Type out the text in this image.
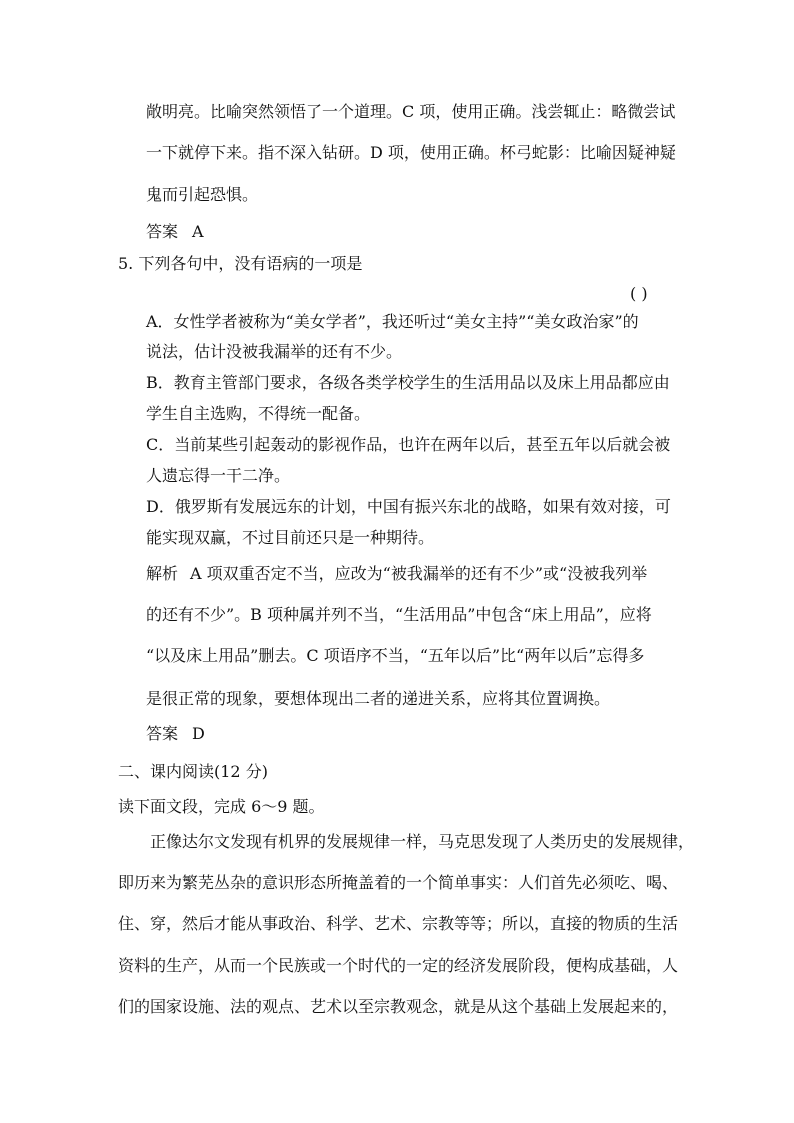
敞明亮。比喻突然领悟了一个道理。C 项，使用正确。浅尝辄止：略微尝试
一下就停下来。指不深入钻研。D 项，使用正确。杯弓蛇影：比喻因疑神疑
鬼而引起恐惧。
答案 A
5. 下列各句中，没有语病的一项是
( )
A．女性学者被称为“美女学者”，我还听过“美女主持”“美女政治家”的
说法，估计没被我漏举的还有不少。
B．教育主管部门要求，各级各类学校学生的生活用品以及床上用品都应由
学生自主选购，不得统一配备。
C．当前某些引起轰动的影视作品，也许在两年以后，甚至五年以后就会被
人遗忘得一干二净。
D．俄罗斯有发展远东的计划，中国有振兴东北的战略，如果有效对接，可
能实现双赢，不过目前还只是一种期待。
解析 A 项双重否定不当，应改为“被我漏举的还有不少”或“没被我列举
的还有不少”。B 项种属并列不当，“生活用品”中包含“床上用品”，应将
“以及床上用品”删去。C 项语序不当，“五年以后”比“两年以后”忘得多
是很正常的现象，要想体现出二者的递进关系，应将其位置调换。
答案 D
二、课内阅读(12 分)
读下面文段，完成 6～9 题。
正像达尔文发现有机界的发展规律一样，马克思发现了人类历史的发展规律，
即历来为繁芜丛杂的意识形态所掩盖着的一个简单事实：人们首先必须吃、喝、
住、穿，然后才能从事政治、科学、艺术、宗教等等；所以，直接的物质的生活
资料的生产，从而一个民族或一个时代的一定的经济发展阶段，便构成基础，人
们的国家设施、法的观点、艺术以至宗教观念，就是从这个基础上发展起来的，
